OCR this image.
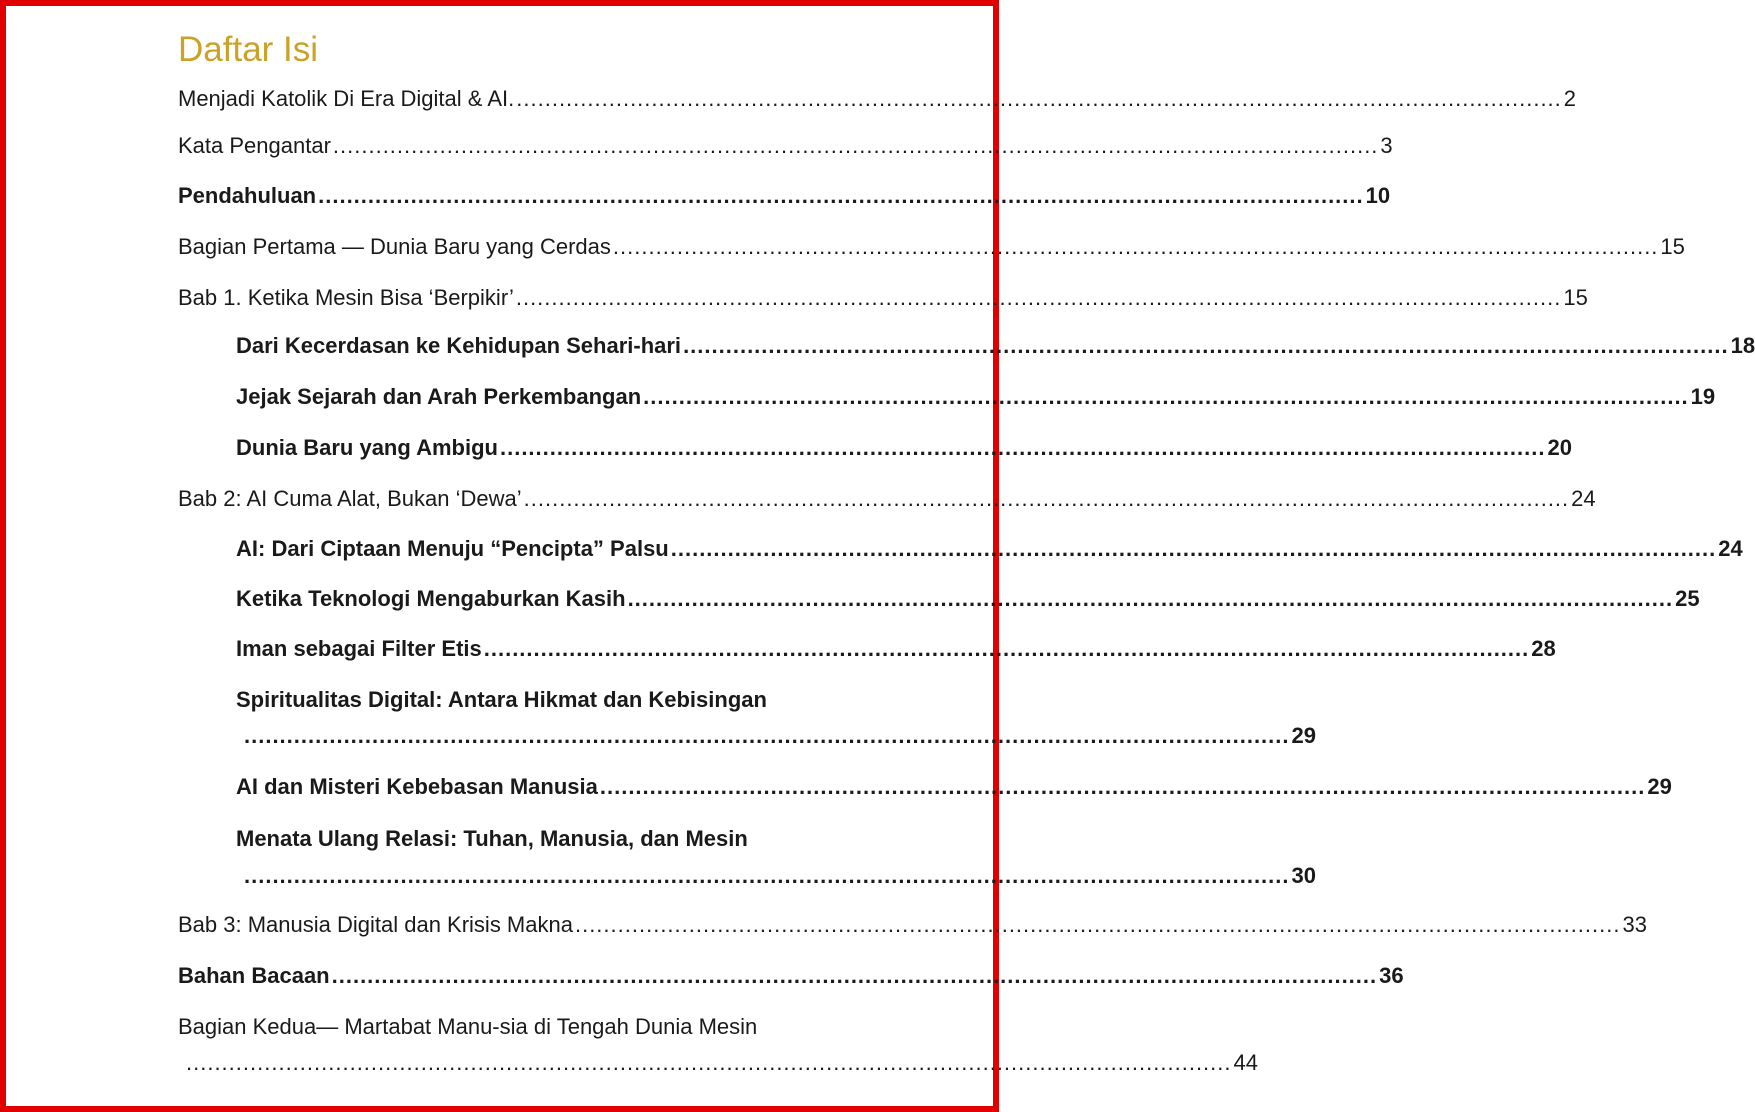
Daftar Isi
Menjadi Katolik Di Era Digital & AI. ................................................................................................................................................... 2
Kata Pengantar ................................................................................................................................................... 3
Pendahuluan ................................................................................................................................................... 10
Bagian Pertama — Dunia Baru yang Cerdas ................................................................................................................................................... 15
Bab 1. Ketika Mesin Bisa ‘Berpikir’ ................................................................................................................................................... 15
Dari Kecerdasan ke Kehidupan Sehari-hari ................................................................................................................................................... 18
Jejak Sejarah dan Arah Perkembangan ................................................................................................................................................... 19
Dunia Baru yang Ambigu ................................................................................................................................................... 20
Bab 2: AI Cuma Alat, Bukan ‘Dewa’ ................................................................................................................................................... 24
AI: Dari Ciptaan Menuju “Pencipta” Palsu ................................................................................................................................................... 24
Ketika Teknologi Mengaburkan Kasih ................................................................................................................................................... 25
Iman sebagai Filter Etis ................................................................................................................................................... 28
Spiritualitas Digital: Antara Hikmat dan Kebisingan
................................................................................................................................................... 29
AI dan Misteri Kebebasan Manusia ................................................................................................................................................... 29
Menata Ulang Relasi: Tuhan, Manusia, dan Mesin
................................................................................................................................................... 30
Bab 3: Manusia Digital dan Krisis Makna ................................................................................................................................................... 33
Bahan Bacaan ................................................................................................................................................... 36
Bagian Kedua— Martabat Manu-sia di Tengah Dunia Mesin
................................................................................................................................................... 44
